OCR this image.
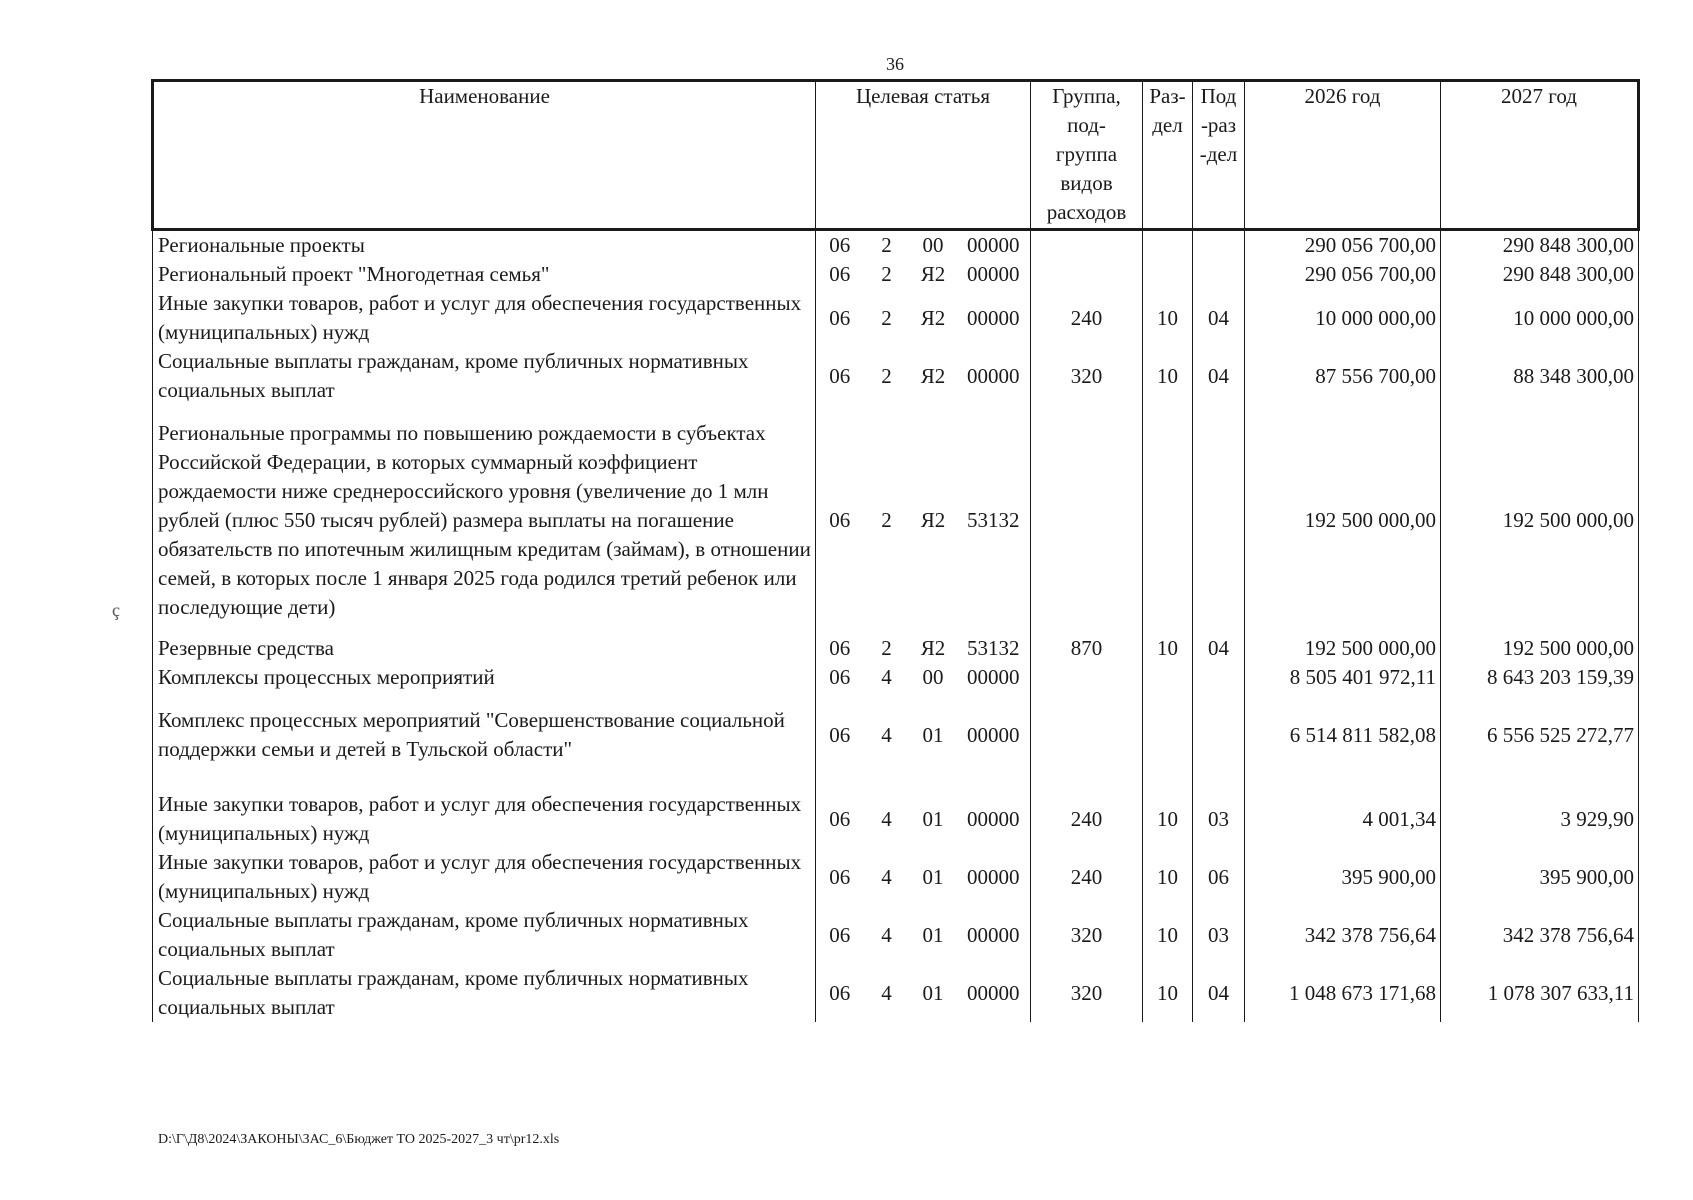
36
Наименование	Целевая статья				Группа, под-группа видов расходов	Раз-дел	Под-раз-дел	2026 год	2027 год
Региональные проекты	06	2	00	00000				290 056 700,00	290 848 300,00
Региональный проект "Многодетная семья"	06	2	Я2	00000				290 056 700,00	290 848 300,00
Иные закупки товаров, работ и услуг для обеспечения государственных (муниципальных) нужд	06	2	Я2	00000	240	10	04	10 000 000,00	10 000 000,00
Социальные выплаты гражданам, кроме публичных нормативных социальных выплат	06	2	Я2	00000	320	10	04	87 556 700,00	88 348 300,00
Региональные программы по повышению рождаемости в субъектах Российской Федерации, в которых суммарный коэффициент рождаемости ниже среднероссийского уровня (увеличение до 1 млн рублей (плюс 550 тысяч рублей) размера выплаты на погашение обязательств по ипотечным жилищным кредитам (займам), в отношении семей, в которых после 1 января 2025 года родился третий ребенок или последующие дети)	06	2	Я2	53132				192 500 000,00	192 500 000,00
Резервные средства	06	2	Я2	53132	870	10	04	192 500 000,00	192 500 000,00
Комплексы процессных мероприятий	06	4	00	00000				8 505 401 972,11	8 643 203 159,39
Комплекс процессных мероприятий "Совершенствование социальной поддержки семьи и детей в Тульской области"	06	4	01	00000				6 514 811 582,08	6 556 525 272,77
Иные закупки товаров, работ и услуг для обеспечения государственных (муниципальных) нужд	06	4	01	00000	240	10	03	4 001,34	3 929,90
Иные закупки товаров, работ и услуг для обеспечения государственных (муниципальных) нужд	06	4	01	00000	240	10	06	395 900,00	395 900,00
Социальные выплаты гражданам, кроме публичных нормативных социальных выплат	06	4	01	00000	320	10	03	342 378 756,64	342 378 756,64
Социальные выплаты гражданам, кроме публичных нормативных социальных выплат	06	4	01	00000	320	10	04	1 048 673 171,68	1 078 307 633,11
ç
D:\Г\Д8\2024\ЗАКОНЫ\ЗАС_6\Бюджет ТО 2025-2027_3 чт\pr12.xls
